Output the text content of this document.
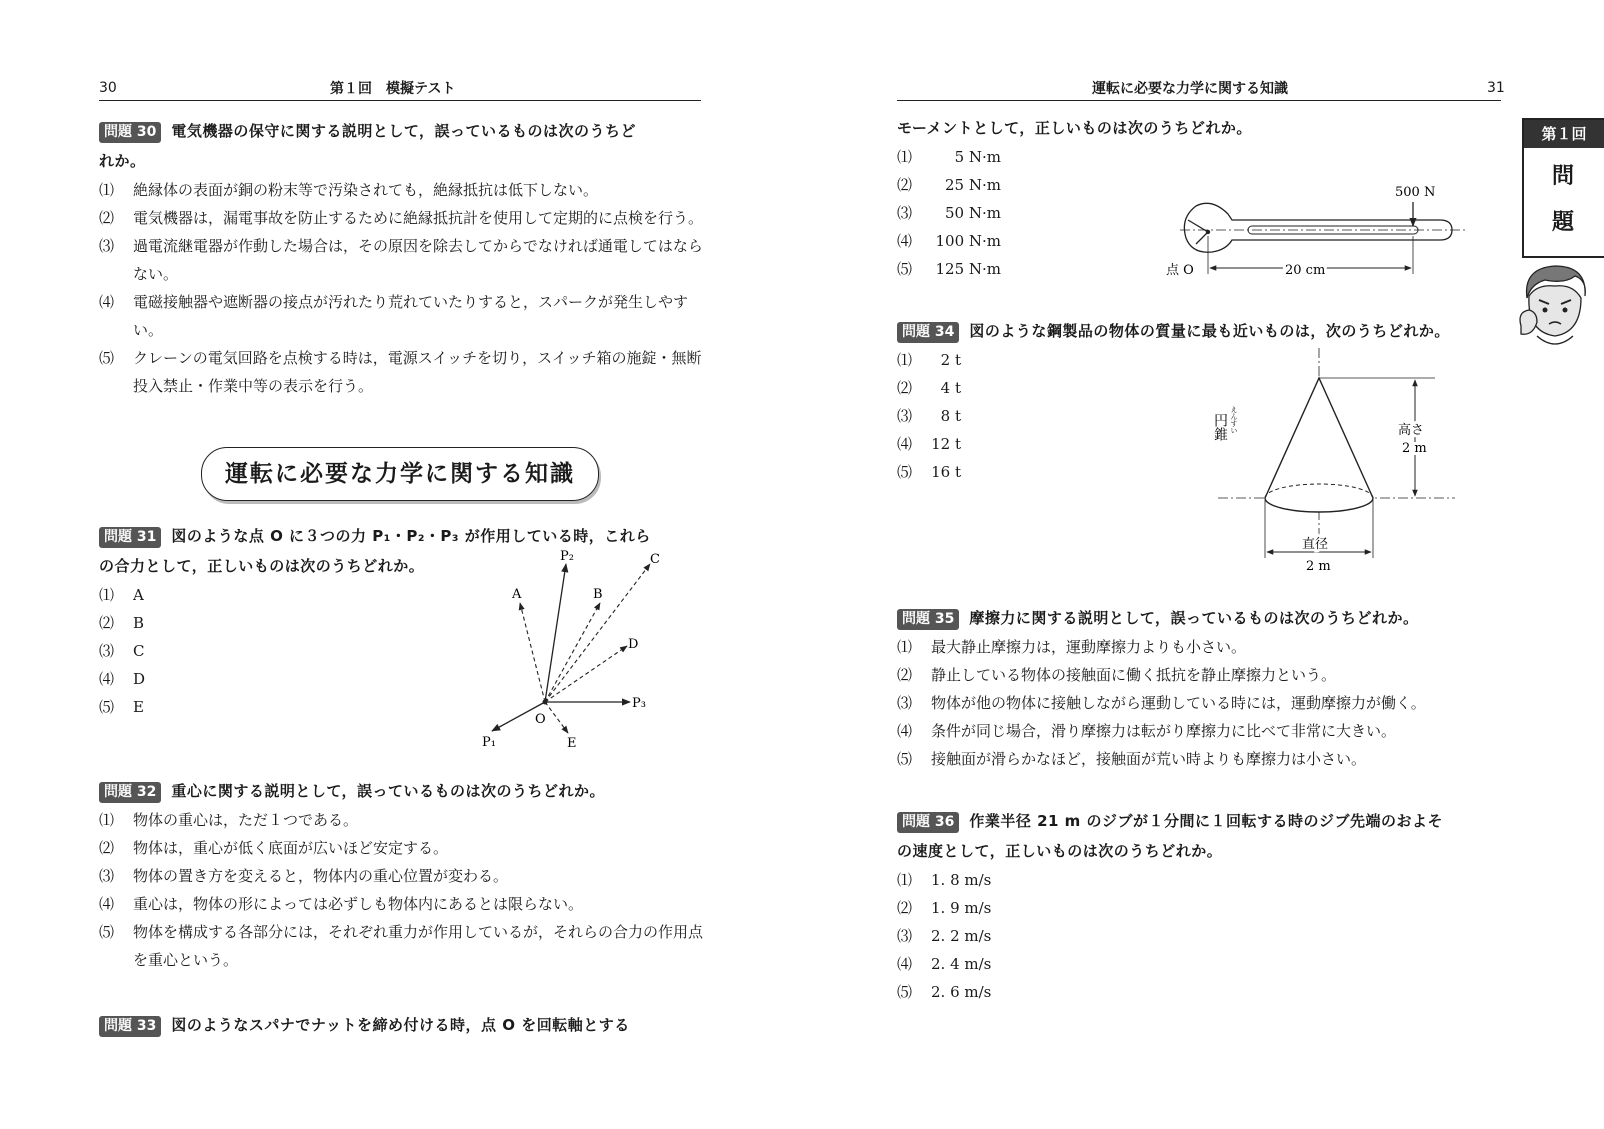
30	第１回　模擬テスト
問題 30 電気機器の保守に関する説明として，誤っているものは次のうちど
れか。
⑴ 絶縁体の表面が銅の粉末等で汚染されても，絶縁抵抗は低下しない。
⑵ 電気機器は，漏電事故を防止するために絶縁抵抗計を使用して定期的に点検を行う。
⑶ 過電流継電器が作動した場合は，その原因を除去してからでなければ通電してはならない。
⑷ 電磁接触器や遮断器の接点が汚れたり荒れていたりすると，スパークが発生しやすい。
⑸ クレーンの電気回路を点検する時は，電源スイッチを切り，スイッチ箱の施錠・無断投入禁止・作業中等の表示を行う。
運転に必要な力学に関する知識
問題 31 図のような点 O に３つの力 P₁・P₂・P₃ が作用している時，これら
の合力として，正しいものは次のうちどれか。
⑴ A
⑵ B
⑶ C
⑷ D
⑸ E
P₁
P₂
P₃
O
A	B
C
D
E
問題 32 重心に関する説明として，誤っているものは次のうちどれか。
⑴ 物体の重心は，ただ１つである。
⑵ 物体は，重心が低く底面が広いほど安定する。
⑶ 物体の置き方を変えると，物体内の重心位置が変わる。
⑷ 重心は，物体の形によっては必ずしも物体内にあるとは限らない。
⑸ 物体を構成する各部分には，それぞれ重力が作用しているが，それらの合力の作用点を重心という。
問題 33 図のようなスパナでナットを締め付ける時，点 O を回転軸とする
運転に必要な力学に関する知識	31
第１回
問
題
モーメントとして，正しいものは次のうちどれか。
⑴	5 N·m
⑵ 25 N·m
⑶ 50 N·m
⑷ 100 N·m
⑸ 125 N·m
500 N
20 cm
点 O
問題 34 図のような鋼製品の物体の質量に最も近いものは，次のうちどれか。
⑴ 2 t
⑵ 4 t
⑶ 8 t
⑷ 12 t
⑸ 16 t
高さ
2 m
直径
2 m
円錐 えんすい
問題 35 摩擦力に関する説明として，誤っているものは次のうちどれか。
⑴ 最大静止摩擦力は，運動摩擦力よりも小さい。
⑵ 静止している物体の接触面に働く抵抗を静止摩擦力という。
⑶ 物体が他の物体に接触しながら運動している時には，運動摩擦力が働く。
⑷ 条件が同じ場合，滑り摩擦力は転がり摩擦力に比べて非常に大きい。
⑸ 接触面が滑らかなほど，接触面が荒い時よりも摩擦力は小さい。
問題 36 作業半径 21 m のジブが１分間に１回転する時のジブ先端のおよそ
の速度として，正しいものは次のうちどれか。
⑴ 1. 8 m/s
⑵ 1. 9 m/s
⑶ 2. 2 m/s
⑷ 2. 4 m/s
⑸ 2. 6 m/s
